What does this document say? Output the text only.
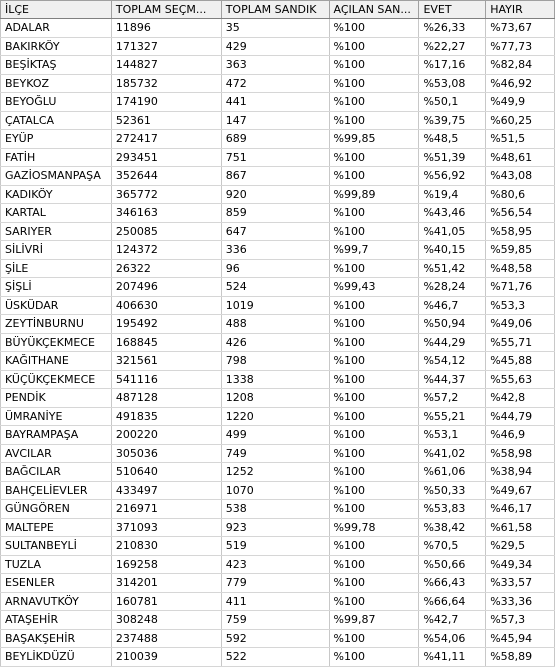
İLÇE	TOPLAM SEÇM...	TOPLAM SANDIK	AÇILAN SAN...	EVET	HAYIR
ADALAR	11896	35	%100	%26,33	%73,67
BAKIRKÖY	171327	429	%100	%22,27	%77,73
BEŞİKTAŞ	144827	363	%100	%17,16	%82,84
BEYKOZ	185732	472	%100	%53,08	%46,92
BEYOĞLU	174190	441	%100	%50,1	%49,9
ÇATALCA	52361	147	%100	%39,75	%60,25
EYÜP	272417	689	%99,85	%48,5	%51,5
FATİH	293451	751	%100	%51,39	%48,61
GAZİOSMANPAŞA	352644	867	%100	%56,92	%43,08
KADIKÖY	365772	920	%99,89	%19,4	%80,6
KARTAL	346163	859	%100	%43,46	%56,54
SARIYER	250085	647	%100	%41,05	%58,95
SİLİVRİ	124372	336	%99,7	%40,15	%59,85
ŞİLE	26322	96	%100	%51,42	%48,58
ŞİŞLİ	207496	524	%99,43	%28,24	%71,76
ÜSKÜDAR	406630	1019	%100	%46,7	%53,3
ZEYTİNBURNU	195492	488	%100	%50,94	%49,06
BÜYÜKÇEKMECE	168845	426	%100	%44,29	%55,71
KAĞITHANE	321561	798	%100	%54,12	%45,88
KÜÇÜKÇEKMECE	541116	1338	%100	%44,37	%55,63
PENDİK	487128	1208	%100	%57,2	%42,8
ÜMRANİYE	491835	1220	%100	%55,21	%44,79
BAYRAMPAŞA	200220	499	%100	%53,1	%46,9
AVCILAR	305036	749	%100	%41,02	%58,98
BAĞCILAR	510640	1252	%100	%61,06	%38,94
BAHÇELİEVLER	433497	1070	%100	%50,33	%49,67
GÜNGÖREN	216971	538	%100	%53,83	%46,17
MALTEPE	371093	923	%99,78	%38,42	%61,58
SULTANBEYLİ	210830	519	%100	%70,5	%29,5
TUZLA	169258	423	%100	%50,66	%49,34
ESENLER	314201	779	%100	%66,43	%33,57
ARNAVUTKÖY	160781	411	%100	%66,64	%33,36
ATAŞEHİR	308248	759	%99,87	%42,7	%57,3
BAŞAKŞEHİR	237488	592	%100	%54,06	%45,94
BEYLİKDÜZÜ	210039	522	%100	%41,11	%58,89
